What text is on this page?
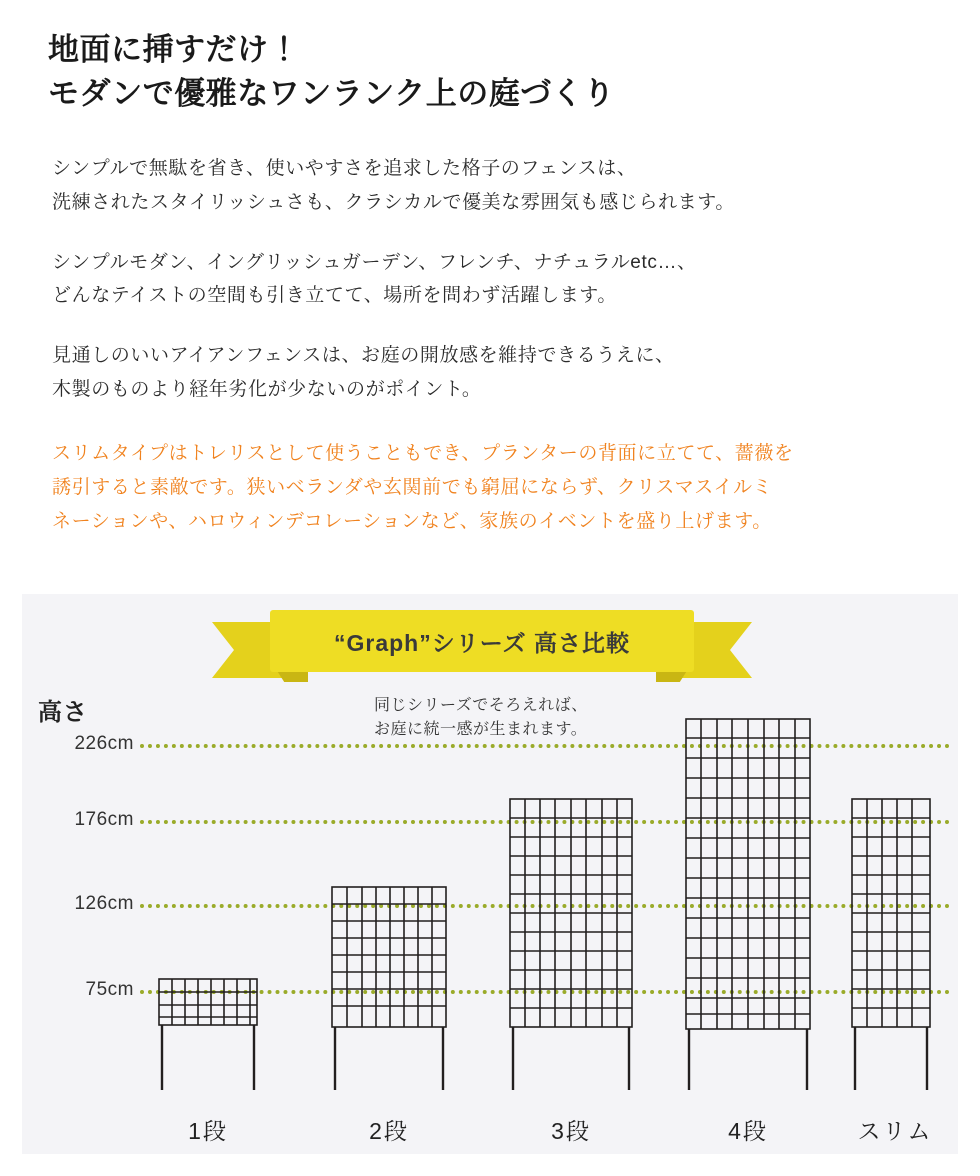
地面に挿すだけ！
モダンで優雅なワンランク上の庭づくり
シンプルで無駄を省き、使いやすさを追求した格子のフェンスは、
洗練されたスタイリッシュさも、クラシカルで優美な雰囲気も感じられます。
シンプルモダン、イングリッシュガーデン、フレンチ、ナチュラルetc…、
どんなテイストの空間も引き立てて、場所を問わず活躍します。
見通しのいいアイアンフェンスは、お庭の開放感を維持できるうえに、
木製のものより経年劣化が少ないのがポイント。
スリムタイプはトレリスとして使うこともでき、プランターの背面に立てて、薔薇を
誘引すると素敵です。狭いベランダや玄関前でも窮屈にならず、クリスマスイルミ
ネーションや、ハロウィンデコレーションなど、家族のイベントを盛り上げます。
“Graph”シリーズ 高さ比較
同じシリーズでそろえれば、
お庭に統一感が生まれます。
高さ
226cm
176cm
126cm
75cm
1段	2段	3段	4段	スリム
